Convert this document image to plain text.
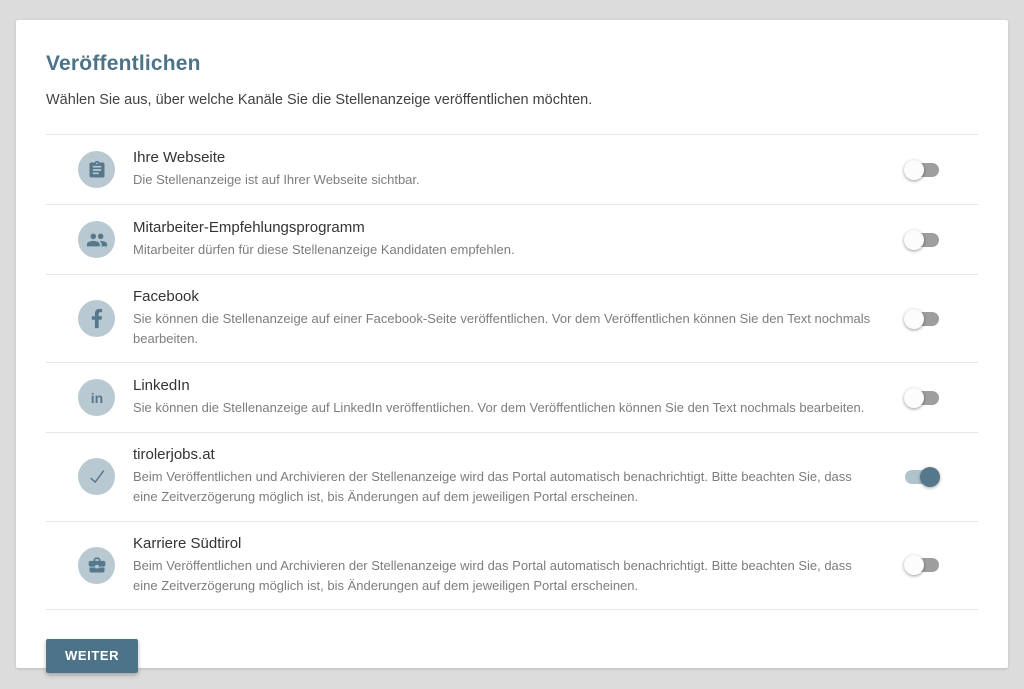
Veröffentlichen

Wählen Sie aus, über welche Kanäle Sie die Stellenanzeige veröffentlichen möchten.

Ihre Webseite
Die Stellenanzeige ist auf Ihrer Webseite sichtbar.
Mitarbeiter-Empfehlungsprogramm
Mitarbeiter dürfen für diese Stellenanzeige Kandidaten empfehlen.
Facebook
Sie können die Stellenanzeige auf einer Facebook-Seite veröffentlichen. Vor dem Veröffentlichen können Sie den Text nochmals bearbeiten.
in
LinkedIn
Sie können die Stellenanzeige auf LinkedIn veröffentlichen. Vor dem Veröffentlichen können Sie den Text nochmals bearbeiten.
tirolerjobs.at
Beim Veröffentlichen und Archivieren der Stellenanzeige wird das Portal automatisch benachrichtigt. Bitte beachten Sie, dass eine Zeitverzögerung möglich ist, bis Änderungen auf dem jeweiligen Portal erscheinen.
Karriere Südtirol
Beim Veröffentlichen und Archivieren der Stellenanzeige wird das Portal automatisch benachrichtigt. Bitte beachten Sie, dass eine Zeitverzögerung möglich ist, bis Änderungen auf dem jeweiligen Portal erscheinen.
WEITER
